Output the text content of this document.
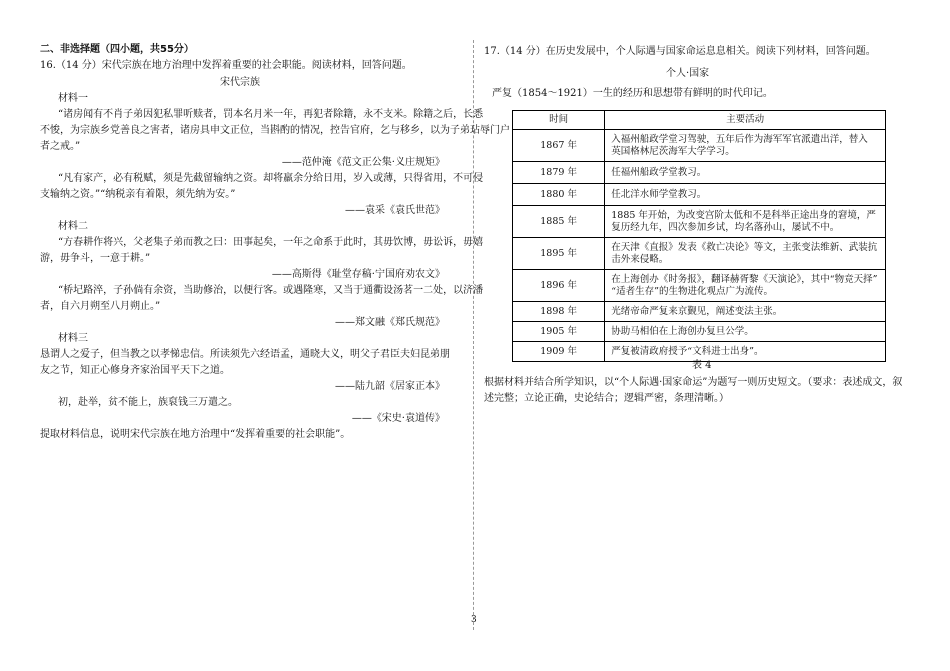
二、非选择题（四小题，共55分）
16.（14 分）宋代宗族在地方治理中发挥着重要的社会职能。阅读材料，回答问题。
宋代宗族
材料一
“诸房闻有不肖子弟因犯私罪听赎者，罚本名月米一年，再犯者除籍，永不支米。除籍之后，长悉
不悛，为宗族乡党善良之害者，诸房具申文正位，当斟酌的情况，控告官府，乞与移乡，以为子弟玷辱门户
者之戒。”
——范仲淹《范文正公集·义庄规矩》
“凡有家产，必有税赋，须是先截留输纳之资。却将羸余分给日用，岁入或薄，只得省用，不可侵
支输纳之资。”“纳税亲有着限，须先纳为安。”
——袁采《袁氏世范》
材料二
“方春耕作将兴，父老集子弟而教之曰：田事起矣，一年之命系于此时，其毋饮博，毋讼诉，毋嬉
游，毋争斗，一意于耕。”
——高斯得《耻堂存稿·宁国府劝农文》
“桥圮路淬，子孙倘有余资，当助修治，以便行客。或遇隆寒，又当于通衢设汤茗一二处，以济潘
者，自六月朔至八月朔止。”
——郑文融《郑氏规范》
材料三
恳谓人之爱子，但当教之以孝悌忠信。所读须先六经语孟，通晓大义，明父子君臣夫妇昆弟朋
友之节，知正心修身齐家治国平天下之道。
——陆九韶《居家正本》
初，赴举，贫不能上，族裒钱三万遣之。
——《宋史·袁道传》
提取材料信息，说明宋代宗族在地方治理中“发挥着重要的社会职能”。
17.（14 分）在历史发展中，个人际遇与国家命运息息相关。阅读下列材料，回答问题。
个人·国家
严复（1854～1921）一生的经历和思想带有鲜明的时代印记。
时间	主要活动
1867 年	入福州船政学堂习驾驶，五年后作为海军军官派遣出洋，替入
英国格林尼茨海军大学学习。

1879 年	任福州船政学堂教习。

1880 年	任北洋水师学堂教习。

1885 年	1885 年开始，为改变宫阶太低和不是科举正途出身的窘境，严
复历经九年，四次参加乡试，均名落孙山，屡试不中。

1895 年	在天津《直报》发表《救亡决论》等文，主张变法维新、武装抗
击外来侵略。

1896 年	在上海创办《时务报》，翻译赫胥黎《天演论》，其中“物竞天择”
“适者生存”的生物进化观点广为流传。

1898 年	光绪帝命严复来京觐见，阐述变法主张。

1905 年	协助马相伯在上海创办复旦公学。

1909 年	严复被清政府授予“文科进士出身”。
表 4
根据材料并结合所学知识，以“个人际遇·国家命运”为题写一则历史短文。（要求：表述成文，叙
述完整；立论正确，史论结合；逻辑严密，条理清晰。）
3
